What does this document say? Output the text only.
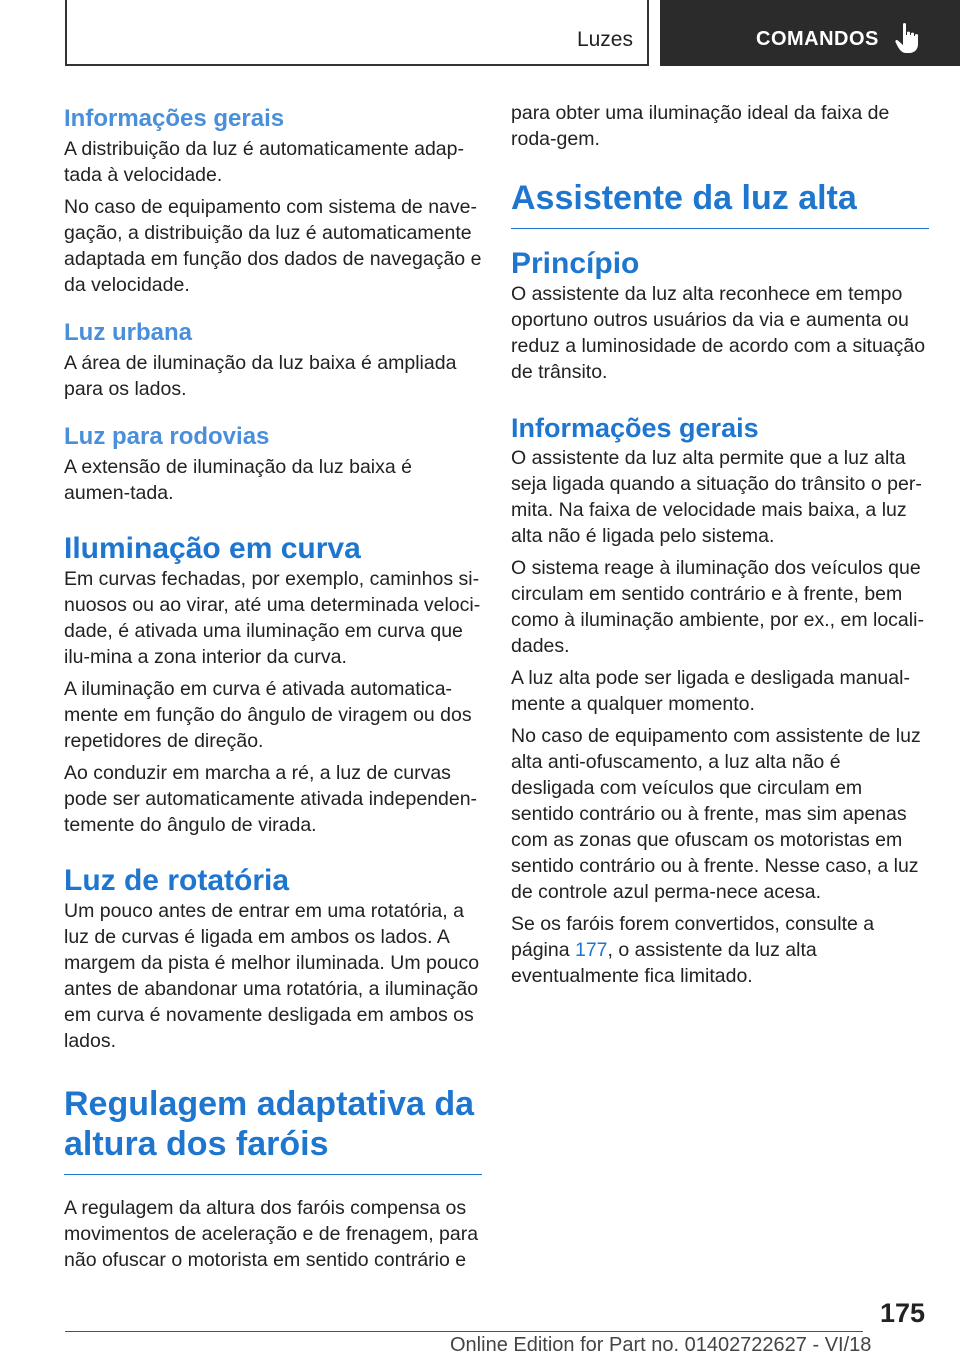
Luzes	COMANDOS
Informações gerais

A distribuição da luz é automaticamente adap-tada à velocidade.

No caso de equipamento com sistema de nave-gação, a distribuição da luz é automaticamente adaptada em função dos dados de navegação e da velocidade.

Luz urbana

A área de iluminação da luz baixa é ampliada para os lados.

Luz para rodovias

A extensão de iluminação da luz baixa é aumen-tada.

Iluminação em curva

Em curvas fechadas, por exemplo, caminhos si-nuosos ou ao virar, até uma determinada veloci-dade, é ativada uma iluminação em curva que ilu-mina a zona interior da curva.

A iluminação em curva é ativada automatica-mente em função do ângulo de viragem ou dos repetidores de direção.

Ao conduzir em marcha a ré, a luz de curvas pode ser automaticamente ativada independen-temente do ângulo de virada.

Luz de rotatória

Um pouco antes de entrar em uma rotatória, a luz de curvas é ligada em ambos os lados. A margem da pista é melhor iluminada. Um pouco antes de abandonar uma rotatória, a iluminação em curva é novamente desligada em ambos os lados.

Regulagem adaptativa da altura dos faróis

A regulagem da altura dos faróis compensa os movimentos de aceleração e de frenagem, para não ofuscar o motorista em sentido contrário e

para obter uma iluminação ideal da faixa de roda-gem.

Assistente da luz alta
Princípio

O assistente da luz alta reconhece em tempo oportuno outros usuários da via e aumenta ou reduz a luminosidade de acordo com a situação de trânsito.

Informações gerais

O assistente da luz alta permite que a luz alta seja ligada quando a situação do trânsito o per-mita. Na faixa de velocidade mais baixa, a luz alta não é ligada pelo sistema.

O sistema reage à iluminação dos veículos que circulam em sentido contrário e à frente, bem como à iluminação ambiente, por ex., em locali-dades.

A luz alta pode ser ligada e desligada manual-mente a qualquer momento.

No caso de equipamento com assistente de luz alta anti-ofuscamento, a luz alta não é desligada com veículos que circulam em sentido contrário ou à frente, mas sim apenas com as zonas que ofuscam os motoristas em sentido contrário ou à frente. Nesse caso, a luz de controle azul perma-nece acesa.

Se os faróis forem convertidos, consulte a página 177, o assistente da luz alta eventualmente fica limitado.

175
Online Edition for Part no. 01402722627 - VI/18
